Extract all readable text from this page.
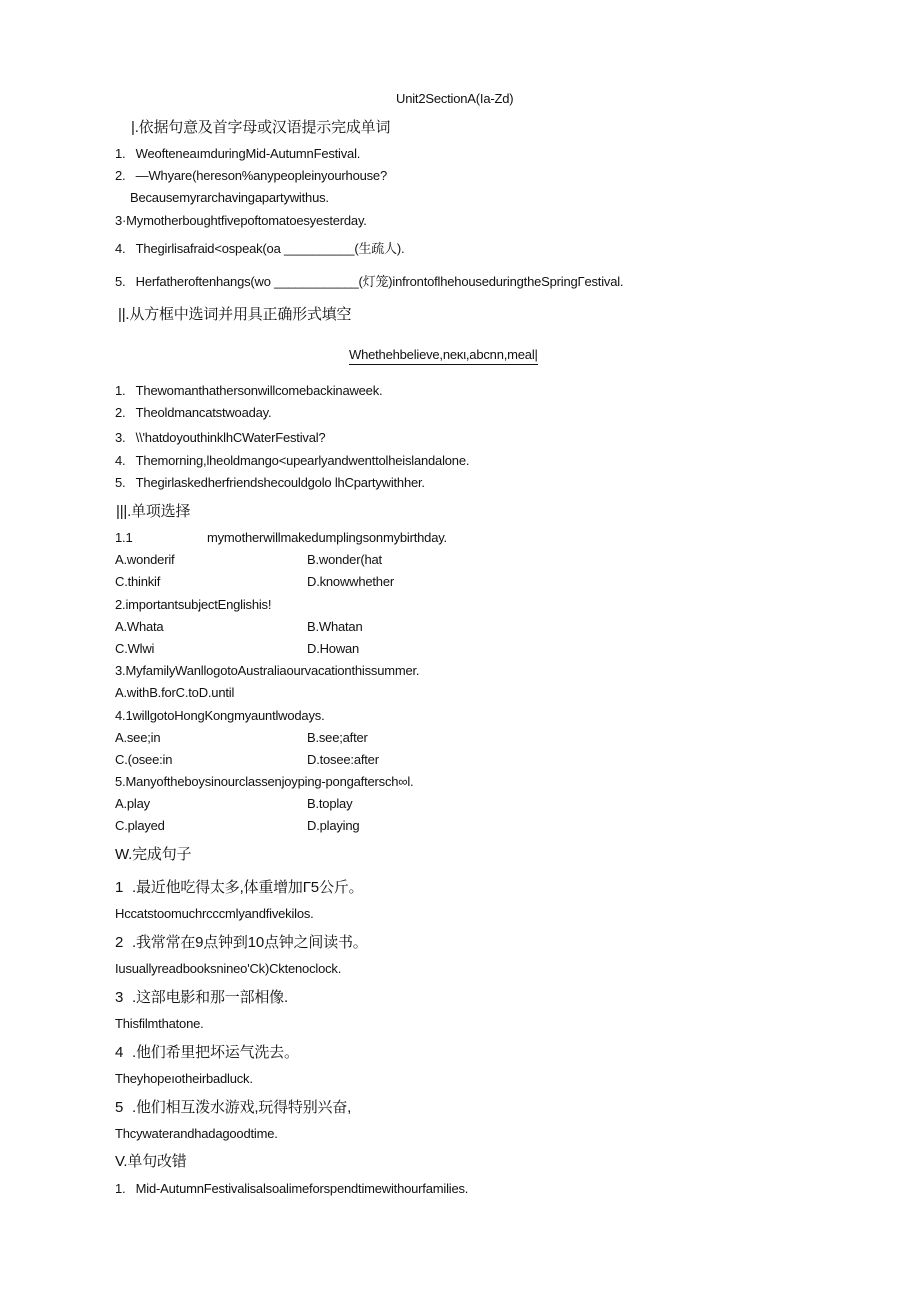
Unit2SectionA(Ia-Zd)
|.依据句意及首字母或汉语提示完成单词
1.   WeoftenеaımduringMid-AutumnFestival.
2.   —Whyare(hereson%anypeopleinyourhouse?
Becausemyrarchavingapartywithus.
3·Mymotherboughtfivepoftomatoesyesterday.
4.   Thegirlisafraid<ospeak(oa __________(生疏人).
5.   Herfatheroftenhangs(wo ____________(灯笼)infrontoflhehouseduringtheSpringΓestival.
||.从方框中选词并用具正确形式填空
Whethehbelieve,neκι,abcnn,meal|
1.   Thewomanthathersonwillcomebackinaweek.
2.   Theoldmancatstwoaday.
3.   \\'hatdoyouthinklhCWaterFestival?
4.   Themorning,lheoldmango<upearlyandwenttolheislandalone.
5.   Thegirlaskedherfriendshecouldgolo lhCpartywithher.
|||.单项选择
1.1	mymotherwillmakedumplingsonmybirthday.
A.wonderif	B.wonder(hat
C.thinkif	D.knowwhether
2.importantsubjectEnglishis!
A.Whata	B.Whatan
C.Wlwi	D.Howan
3.MyfamilyWanllogotoAustraliaourvacationthissummer.
A.withB.forC.toD.until
4.1willgotoHongKongmyauntlwodays.
A.see;in	B.see;after
C.(osee:in	D.tosee:after
5.Manyoftheboysinourclassenjoyping-pongaftersch∞l.
A.play	B.toplay
C.played	D.playing
W.完成句子
1 .最近他吃得太多,体重增加Γ5公斤。
Hccatstoomuchrcccmlyandfivekilos.
2 .我常常在9点钟到10点钟之间读书。
Iusuallyreadbooksnineo'Ck)Cktenoclock.
3 .这部电影和那一部相像.
Thisfilmthatone.
4 .他们希里把坏运气洗去。
Theyhopeıotheirbadluck.
5 .他们相互泼水游戏,玩得特别兴奋,
Thcywaterandhadagoodtime.
V.单句改错
1.   Mid-AutumnFestivalisalsoalimeforspendtimewithourfamilies.
